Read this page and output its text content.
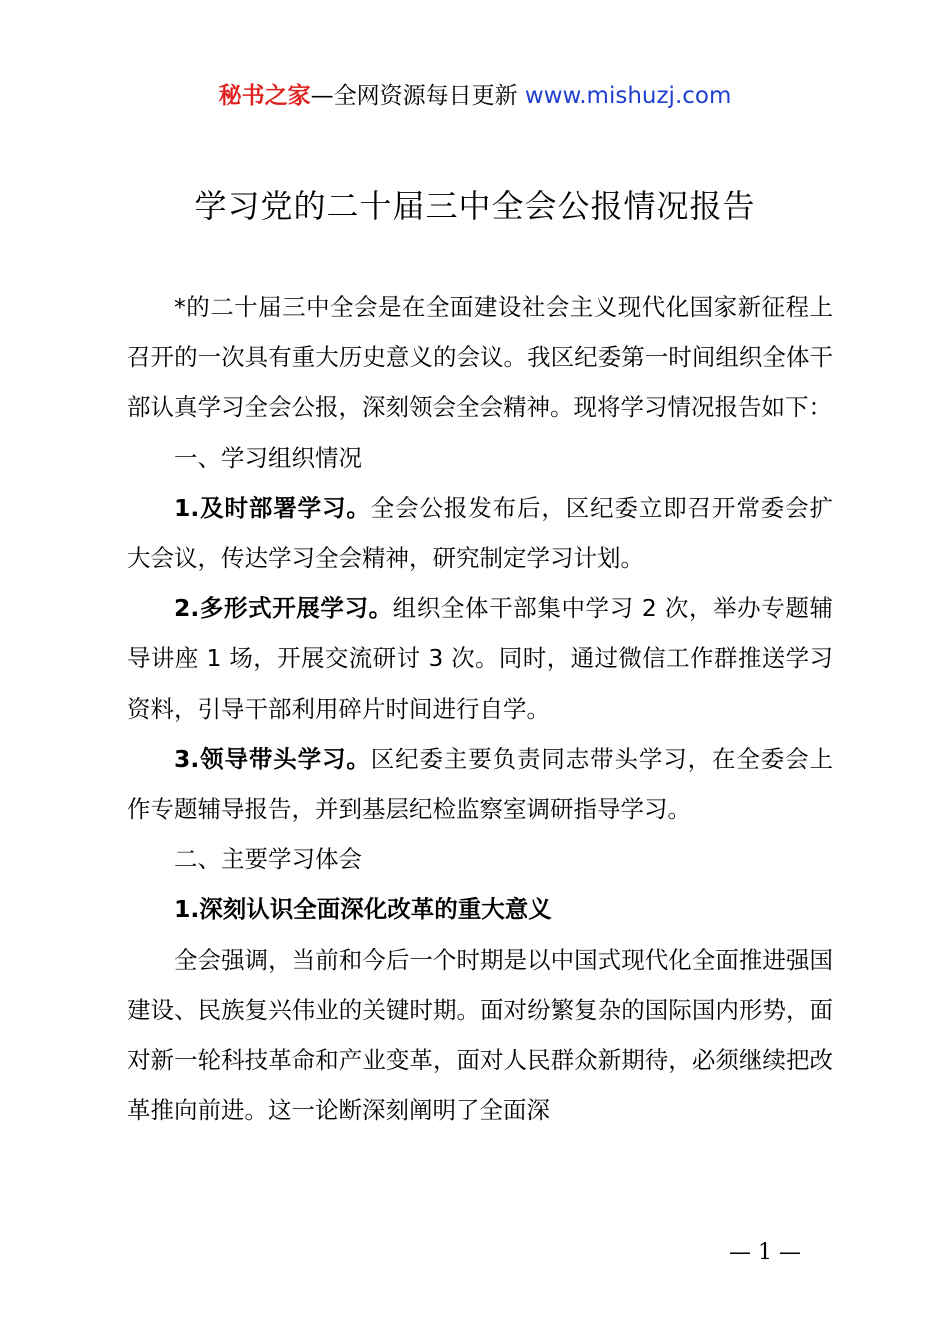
秘书之家—全网资源每日更新 www.mishuzj.com
学习党的二十届三中全会公报情况报告

*的二十届三中全会是在全面建设社会主义现代化国家新征程上召开的一次具有重大历史意义的会议。我区纪委第一时间组织全体干部认真学习全会公报，深刻领会全会精神。现将学习情况报告如下：

一、学习组织情况

1.及时部署学习。全会公报发布后，区纪委立即召开常委会扩大会议，传达学习全会精神，研究制定学习计划。

2.多形式开展学习。组织全体干部集中学习 2 次，举办专题辅导讲座 1 场，开展交流研讨 3 次。同时，通过微信工作群推送学习资料，引导干部利用碎片时间进行自学。

3.领导带头学习。区纪委主要负责同志带头学习，在全委会上作专题辅导报告，并到基层纪检监察室调研指导学习。

二、主要学习体会

1.深刻认识全面深化改革的重大意义

全会强调，当前和今后一个时期是以中国式现代化全面推进强国建设、民族复兴伟业的关键时期。面对纷繁复杂的国际国内形势，面对新一轮科技革命和产业变革，面对人民群众新期待，必须继续把改革推向前进。这一论断深刻阐明了全面深

— 1 —
